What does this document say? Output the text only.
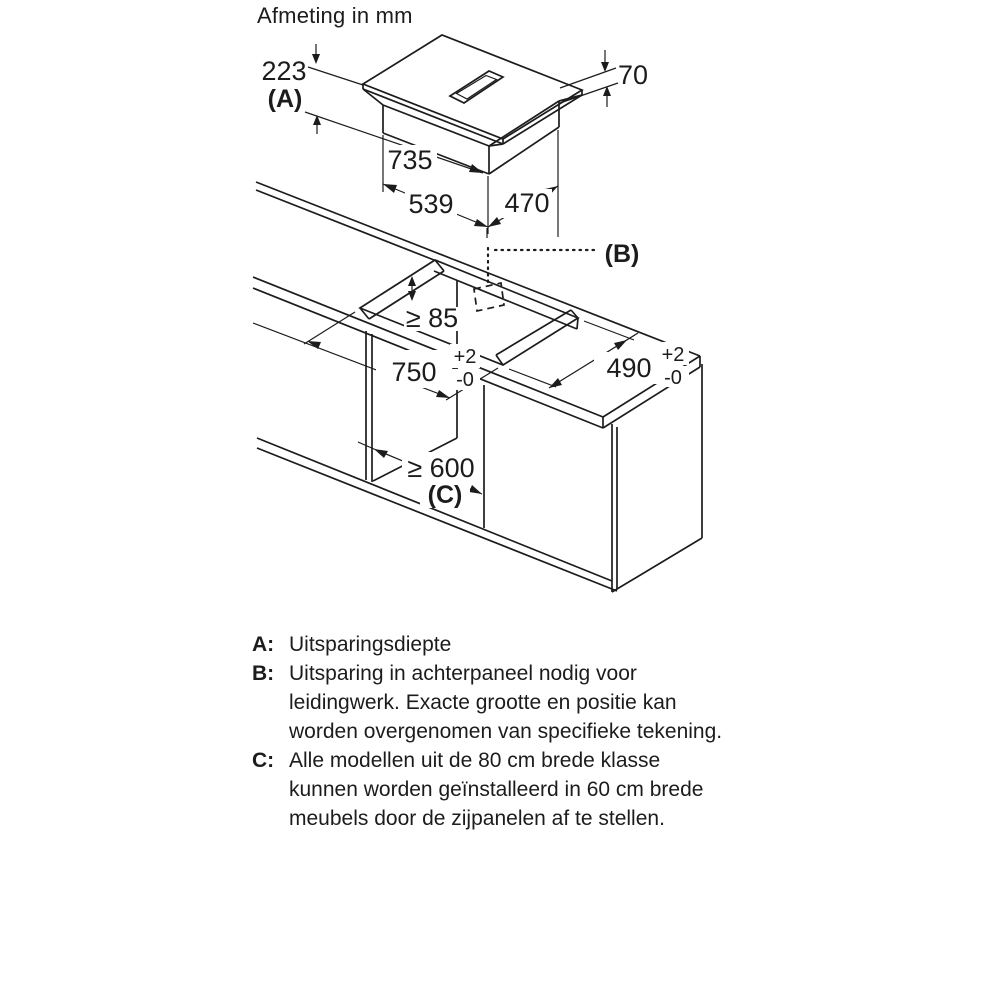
Afmeting in mm
223
(A)
70
735
539 470
(B)
≥ 85
750 +2
-0	490 +2
-0
≥ 600
(C)
A: Uitsparingsdiepte
B: Uitsparing in achterpaneel nodig voor leidingwerk. Exacte grootte en positie kan worden overgenomen van specifieke tekening.
C: Alle modellen uit de 80 cm brede klasse kunnen worden geïnstalleerd in 60 cm brede meubels door de zijpanelen af te stellen.
